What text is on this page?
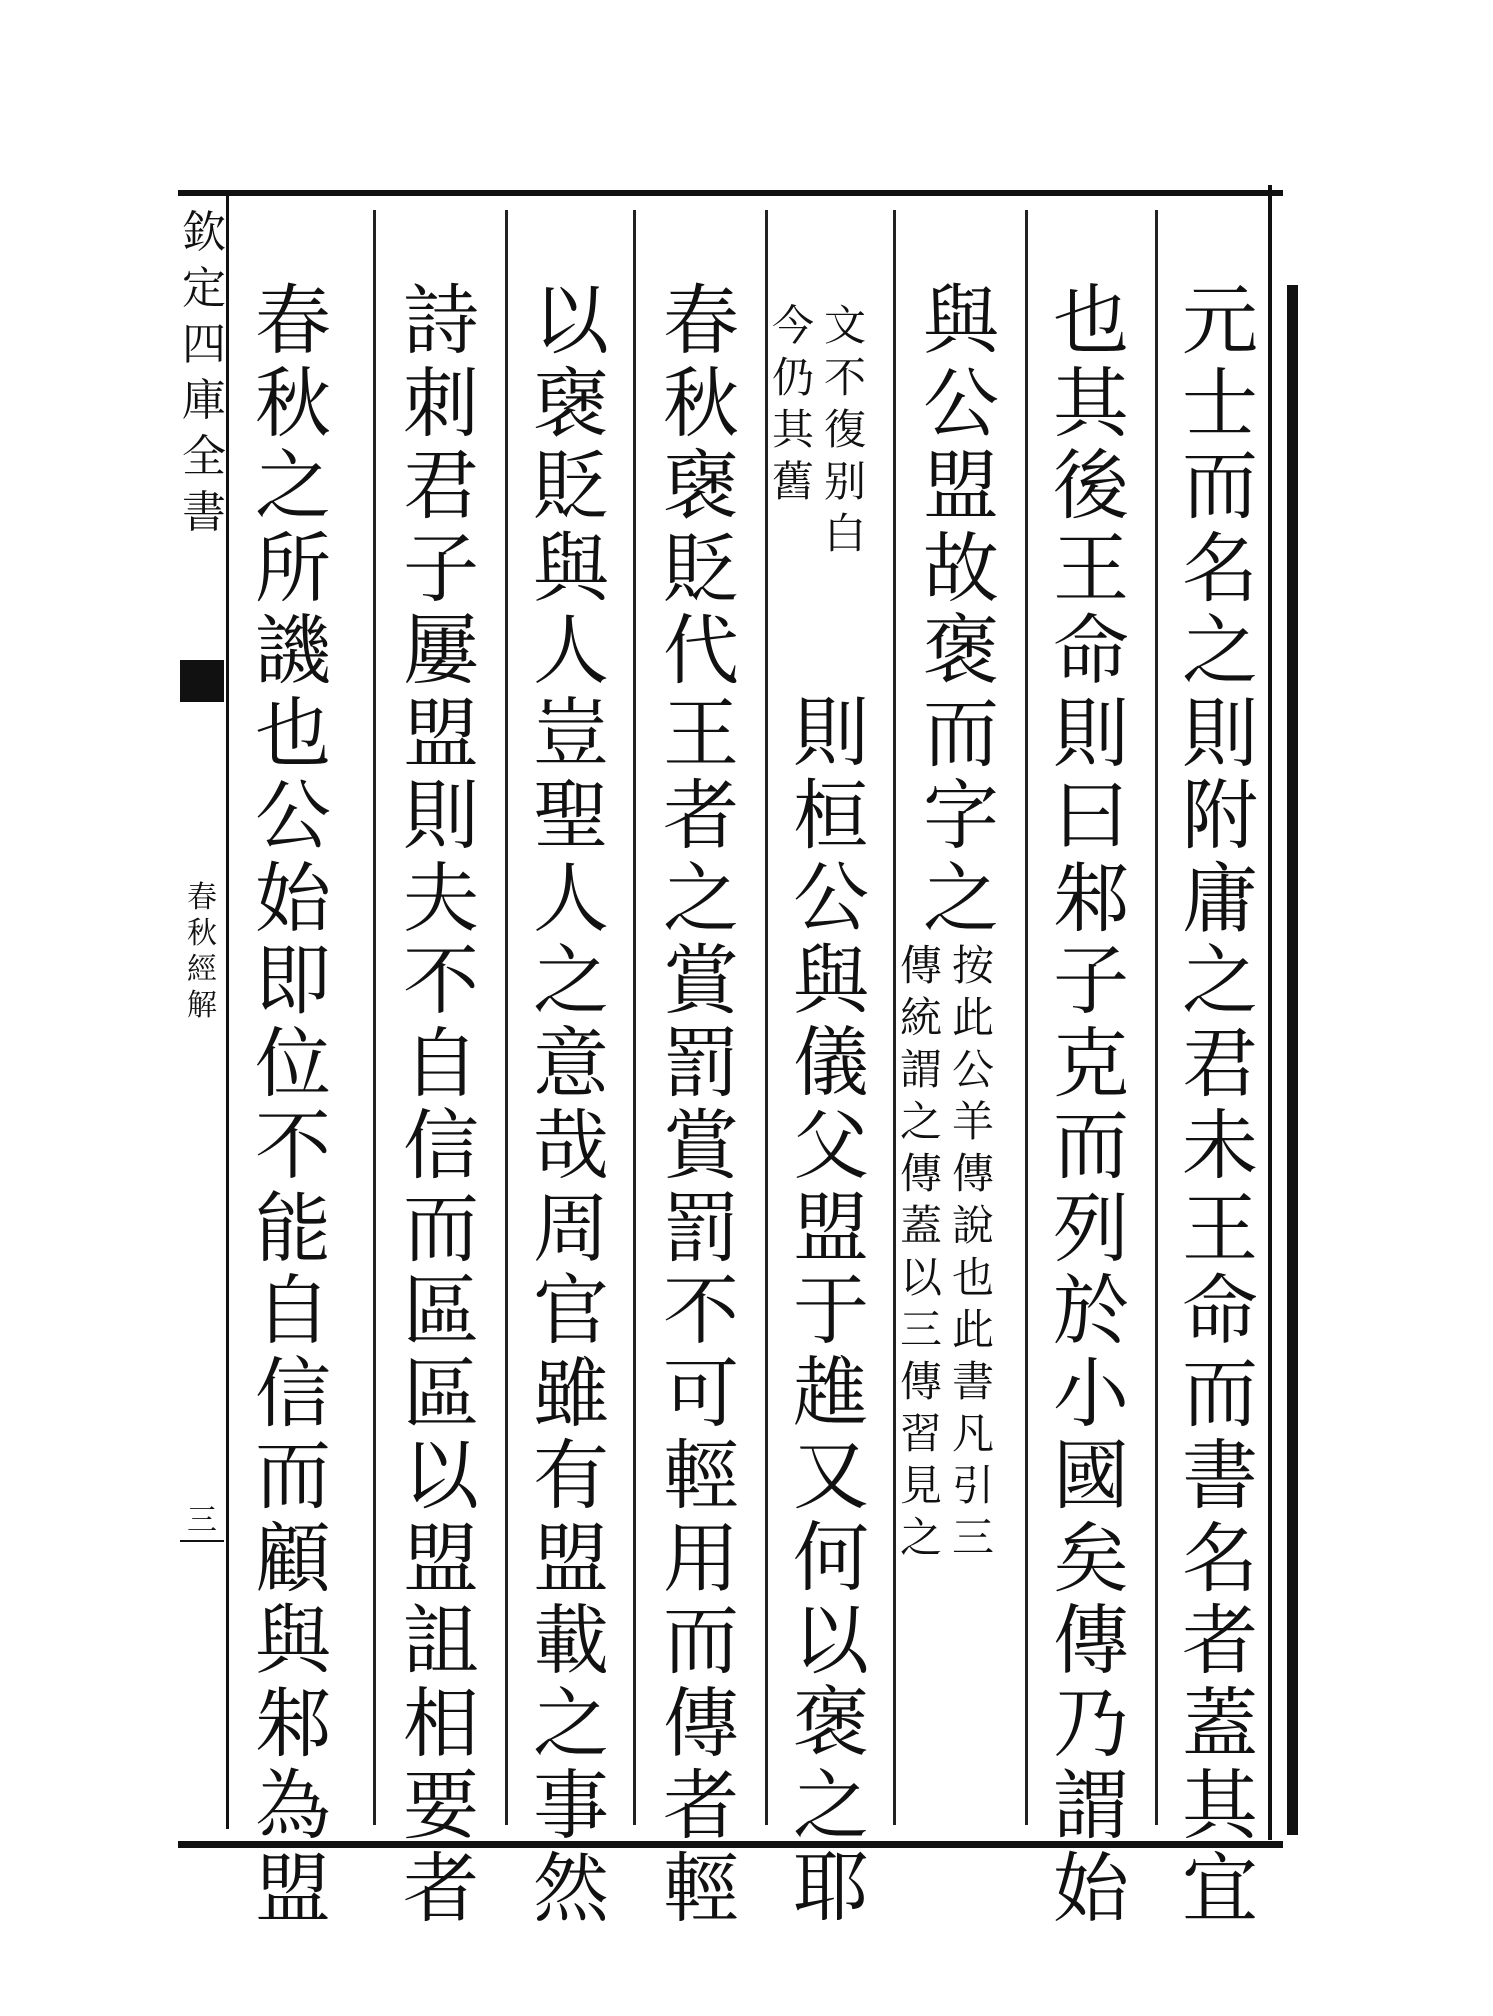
欽
定
四
庫
全
書
春
秋
經
解
三
元
士
而
名
之
則
附
庸
之
君
未
王
命
而
書
名
者
蓋
其
宜
也
其
後
王
命
則
曰
邾
子
克
而
列
於
小
國
矣
傳
乃
謂
始
與
公
盟
故
褒
而
字
之
按
此
公
羊
傳
說
也
此
書
凡
引
三
傳
統
謂
之
傳
蓋
以
三
傳
習
見
之
文
不
復
别
白
今
仍
其
舊
則
桓
公
與
儀
父
盟
于
趡
又
何
以
褒
之
耶
春
秋
襃
貶
代
王
者
之
賞
罰
賞
罰
不
可
輕
用
而
傳
者
輕
以
襃
貶
與
人
豈
聖
人
之
意
哉
周
官
雖
有
盟
載
之
事
然
詩
刺
君
子
屢
盟
則
夫
不
自
信
而
區
區
以
盟
詛
相
要
者
春
秋
之
所
譏
也
公
始
即
位
不
能
自
信
而
顧
與
邾
為
盟
